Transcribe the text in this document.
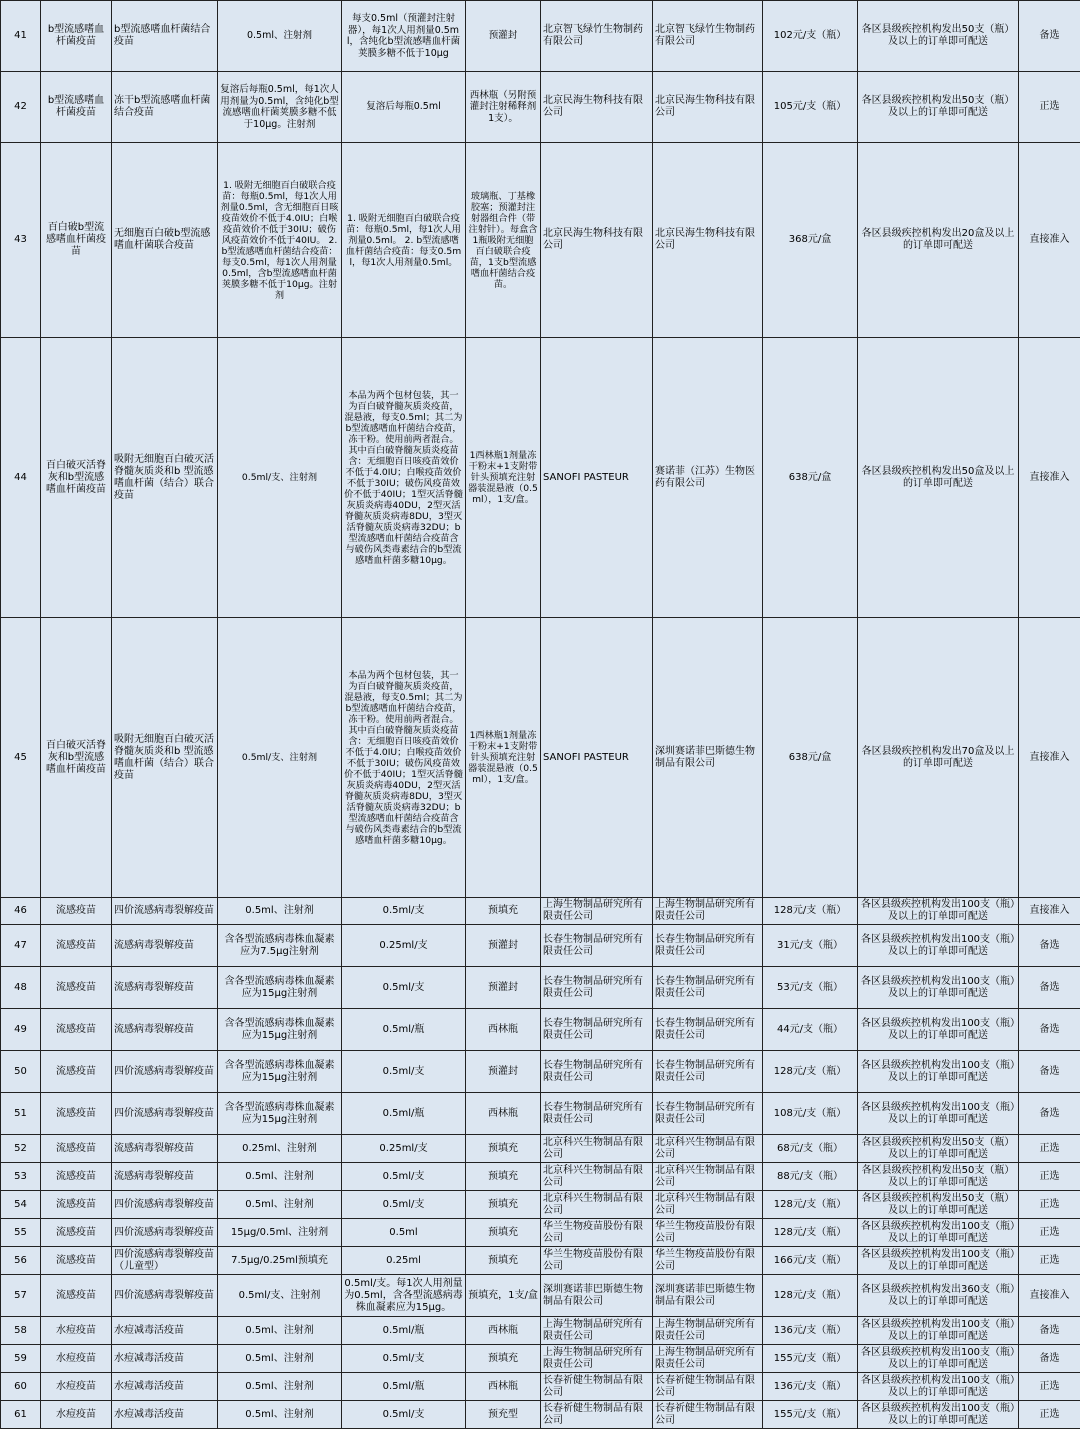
41	b型流感嗜血杆菌疫苗	b型流感嗜血杆菌结合疫苗	0.5ml、注射剂	每支0.5ml（预灌封注射器），每1次人用剂量0.5ml，含纯化b型流感嗜血杆菌荚膜多糖不低于10μg	预灌封	北京智飞绿竹生物制药有限公司	北京智飞绿竹生物制药有限公司	102元/支（瓶）	各区县级疾控机构发出50支（瓶）及以上的订单即可配送	备选
42	b型流感嗜血杆菌疫苗	冻干b型流感嗜血杆菌结合疫苗	复溶后每瓶0.5ml，每1次人用剂量为0.5ml，含纯化b型流感嗜血杆菌荚膜多糖不低于10μg。注射剂	复溶后每瓶0.5ml	西林瓶（另附预灌封注射稀释剂1支）。	北京民海生物科技有限公司	北京民海生物科技有限公司	105元/支（瓶）	各区县级疾控机构发出50支（瓶）及以上的订单即可配送	正选
43	百白破b型流感嗜血杆菌疫苗	无细胞百白破b型流感嗜血杆菌联合疫苗	1. 吸附无细胞百白破联合疫苗：每瓶0.5ml，每1次人用剂量0.5ml，含无细胞百日咳疫苗效价不低于4.0IU；白喉疫苗效价不低于30IU；破伤风疫苗效价不低于40IU。 2. b型流感嗜血杆菌结合疫苗：每支0.5ml，每1次人用剂量0.5ml，含b型流感嗜血杆菌荚膜多糖不低于10μg。注射剂	1. 吸附无细胞百白破联合疫苗：每瓶0.5ml，每1次人用剂量0.5ml。 2. b型流感嗜血杆菌结合疫苗：每支0.5ml，每1次人用剂量0.5ml。	玻璃瓶、丁基橡胶塞；预灌封注射器组合件（带注射针）。每盒含1瓶吸附无细胞百白破联合疫苗，1支b型流感嗜血杆菌结合疫苗。	北京民海生物科技有限公司	北京民海生物科技有限公司	368元/盒	各区县级疾控机构发出20盒及以上的订单即可配送	直接准入
44	百白破灭活脊灰和b型流感嗜血杆菌疫苗	吸附无细胞百白破灭活脊髓灰质炎和b 型流感嗜血杆菌（结合）联合疫苗	0.5ml/支、注射剂	本品为两个包材包装，其一为百白破脊髓灰质炎疫苗，混悬液，每支0.5ml；其二为b型流感嗜血杆菌结合疫苗，冻干粉。使用前两者混合。其中百白破脊髓灰质炎疫苗含：无细胞百日咳疫苗效价不低于4.0IU；白喉疫苗效价不低于30IU；破伤风疫苗效价不低于40IU；1型灭活脊髓灰质炎病毒40DU，2型灭活脊髓灰质炎病毒8DU，3型灭活脊髓灰质炎病毒32DU；b型流感嗜血杆菌结合疫苗含与破伤风类毒素结合的b型流感嗜血杆菌多糖10μg。	1西林瓶1剂量冻干粉末+1支附带针头预填充注射器装混悬液（0.5ml），1支/盒。	SANOFI PASTEUR	赛诺菲（江苏）生物医药有限公司	638元/盒	各区县级疾控机构发出50盒及以上的订单即可配送	直接准入
45	百白破灭活脊灰和b型流感嗜血杆菌疫苗	吸附无细胞百白破灭活脊髓灰质炎和b 型流感嗜血杆菌（结合）联合疫苗	0.5ml/支、注射剂	本品为两个包材包装，其一为百白破脊髓灰质炎疫苗，混悬液，每支0.5ml；其二为b型流感嗜血杆菌结合疫苗，冻干粉。使用前两者混合。其中百白破脊髓灰质炎疫苗含：无细胞百日咳疫苗效价不低于4.0IU；白喉疫苗效价不低于30IU；破伤风疫苗效价不低于40IU；1型灭活脊髓灰质炎病毒40DU，2型灭活脊髓灰质炎病毒8DU，3型灭活脊髓灰质炎病毒32DU；b型流感嗜血杆菌结合疫苗含与破伤风类毒素结合的b型流感嗜血杆菌多糖10μg。	1西林瓶1剂量冻干粉末+1支附带针头预填充注射器装混悬液（0.5ml），1支/盒。	SANOFI PASTEUR	深圳赛诺菲巴斯德生物制品有限公司	638元/盒	各区县级疾控机构发出70盒及以上的订单即可配送	直接准入
46	流感疫苗	四价流感病毒裂解疫苗	0.5ml、注射剂	0.5ml/支	预填充	上海生物制品研究所有限责任公司	上海生物制品研究所有限责任公司	128元/支（瓶）	各区县级疾控机构发出100支（瓶）及以上的订单即可配送	直接准入
47	流感疫苗	流感病毒裂解疫苗	含各型流感病毒株血凝素应为7.5μg注射剂	0.25ml/支	预灌封	长春生物制品研究所有限责任公司	长春生物制品研究所有限责任公司	31元/支（瓶）	各区县级疾控机构发出100支（瓶）及以上的订单即可配送	备选
48	流感疫苗	流感病毒裂解疫苗	含各型流感病毒株血凝素应为15μg注射剂	0.5ml/支	预灌封	长春生物制品研究所有限责任公司	长春生物制品研究所有限责任公司	53元/支（瓶）	各区县级疾控机构发出100支（瓶）及以上的订单即可配送	备选
49	流感疫苗	流感病毒裂解疫苗	含各型流感病毒株血凝素应为15μg注射剂	0.5ml/瓶	西林瓶	长春生物制品研究所有限责任公司	长春生物制品研究所有限责任公司	44元/支（瓶）	各区县级疾控机构发出100支（瓶）及以上的订单即可配送	备选
50	流感疫苗	四价流感病毒裂解疫苗	含各型流感病毒株血凝素应为15μg注射剂	0.5ml/支	预灌封	长春生物制品研究所有限责任公司	长春生物制品研究所有限责任公司	128元/支（瓶）	各区县级疾控机构发出100支（瓶）及以上的订单即可配送	备选
51	流感疫苗	四价流感病毒裂解疫苗	含各型流感病毒株血凝素应为15μg注射剂	0.5ml/瓶	西林瓶	长春生物制品研究所有限责任公司	长春生物制品研究所有限责任公司	108元/支（瓶）	各区县级疾控机构发出100支（瓶）及以上的订单即可配送	备选
52	流感疫苗	流感病毒裂解疫苗	0.25ml、注射剂	0.25ml/支	预填充	北京科兴生物制品有限公司	北京科兴生物制品有限公司	68元/支（瓶）	各区县级疾控机构发出50支（瓶）及以上的订单即可配送	正选
53	流感疫苗	流感病毒裂解疫苗	0.5ml、注射剂	0.5ml/支	预填充	北京科兴生物制品有限公司	北京科兴生物制品有限公司	88元/支（瓶）	各区县级疾控机构发出50支（瓶）及以上的订单即可配送	正选
54	流感疫苗	四价流感病毒裂解疫苗	0.5ml、注射剂	0.5ml/支	预填充	北京科兴生物制品有限公司	北京科兴生物制品有限公司	128元/支（瓶）	各区县级疾控机构发出50支（瓶）及以上的订单即可配送	正选
55	流感疫苗	四价流感病毒裂解疫苗	15μg/0.5ml、注射剂	0.5ml	预填充	华兰生物疫苗股份有限公司	华兰生物疫苗股份有限公司	128元/支（瓶）	各区县级疾控机构发出100支（瓶）及以上的订单即可配送	正选
56	流感疫苗	四价流感病毒裂解疫苗（儿童型）	7.5μg/0.25ml预填充	0.25ml	预填充	华兰生物疫苗股份有限公司	华兰生物疫苗股份有限公司	166元/支（瓶）	各区县级疾控机构发出100支（瓶）及以上的订单即可配送	正选
57	流感疫苗	四价流感病毒裂解疫苗	0.5ml/支、注射剂	0.5ml/支。每1次人用剂量为0.5ml，含各型流感病毒株血凝素应为15μg。	预填充，1支/盒	深圳赛诺菲巴斯德生物制品有限公司	深圳赛诺菲巴斯德生物制品有限公司	128元/支（瓶）	各区县级疾控机构发出360支（瓶）及以上的订单即可配送	直接准入
58	水痘疫苗	水痘减毒活疫苗	0.5ml、注射剂	0.5ml/瓶	西林瓶	上海生物制品研究所有限责任公司	上海生物制品研究所有限责任公司	136元/支（瓶）	各区县级疾控机构发出100支（瓶）及以上的订单即可配送	备选
59	水痘疫苗	水痘减毒活疫苗	0.5ml、注射剂	0.5ml/支	预填充	上海生物制品研究所有限责任公司	上海生物制品研究所有限责任公司	155元/支（瓶）	各区县级疾控机构发出100支（瓶）及以上的订单即可配送	备选
60	水痘疫苗	水痘减毒活疫苗	0.5ml、注射剂	0.5ml/瓶	西林瓶	长春祈健生物制品有限公司	长春祈健生物制品有限公司	136元/支（瓶）	各区县级疾控机构发出100支（瓶）及以上的订单即可配送	正选
61	水痘疫苗	水痘减毒活疫苗	0.5ml、注射剂	0.5ml/支	预充型	长春祈健生物制品有限公司	长春祈健生物制品有限公司	155元/支（瓶）	各区县级疾控机构发出100支（瓶）及以上的订单即可配送	正选
